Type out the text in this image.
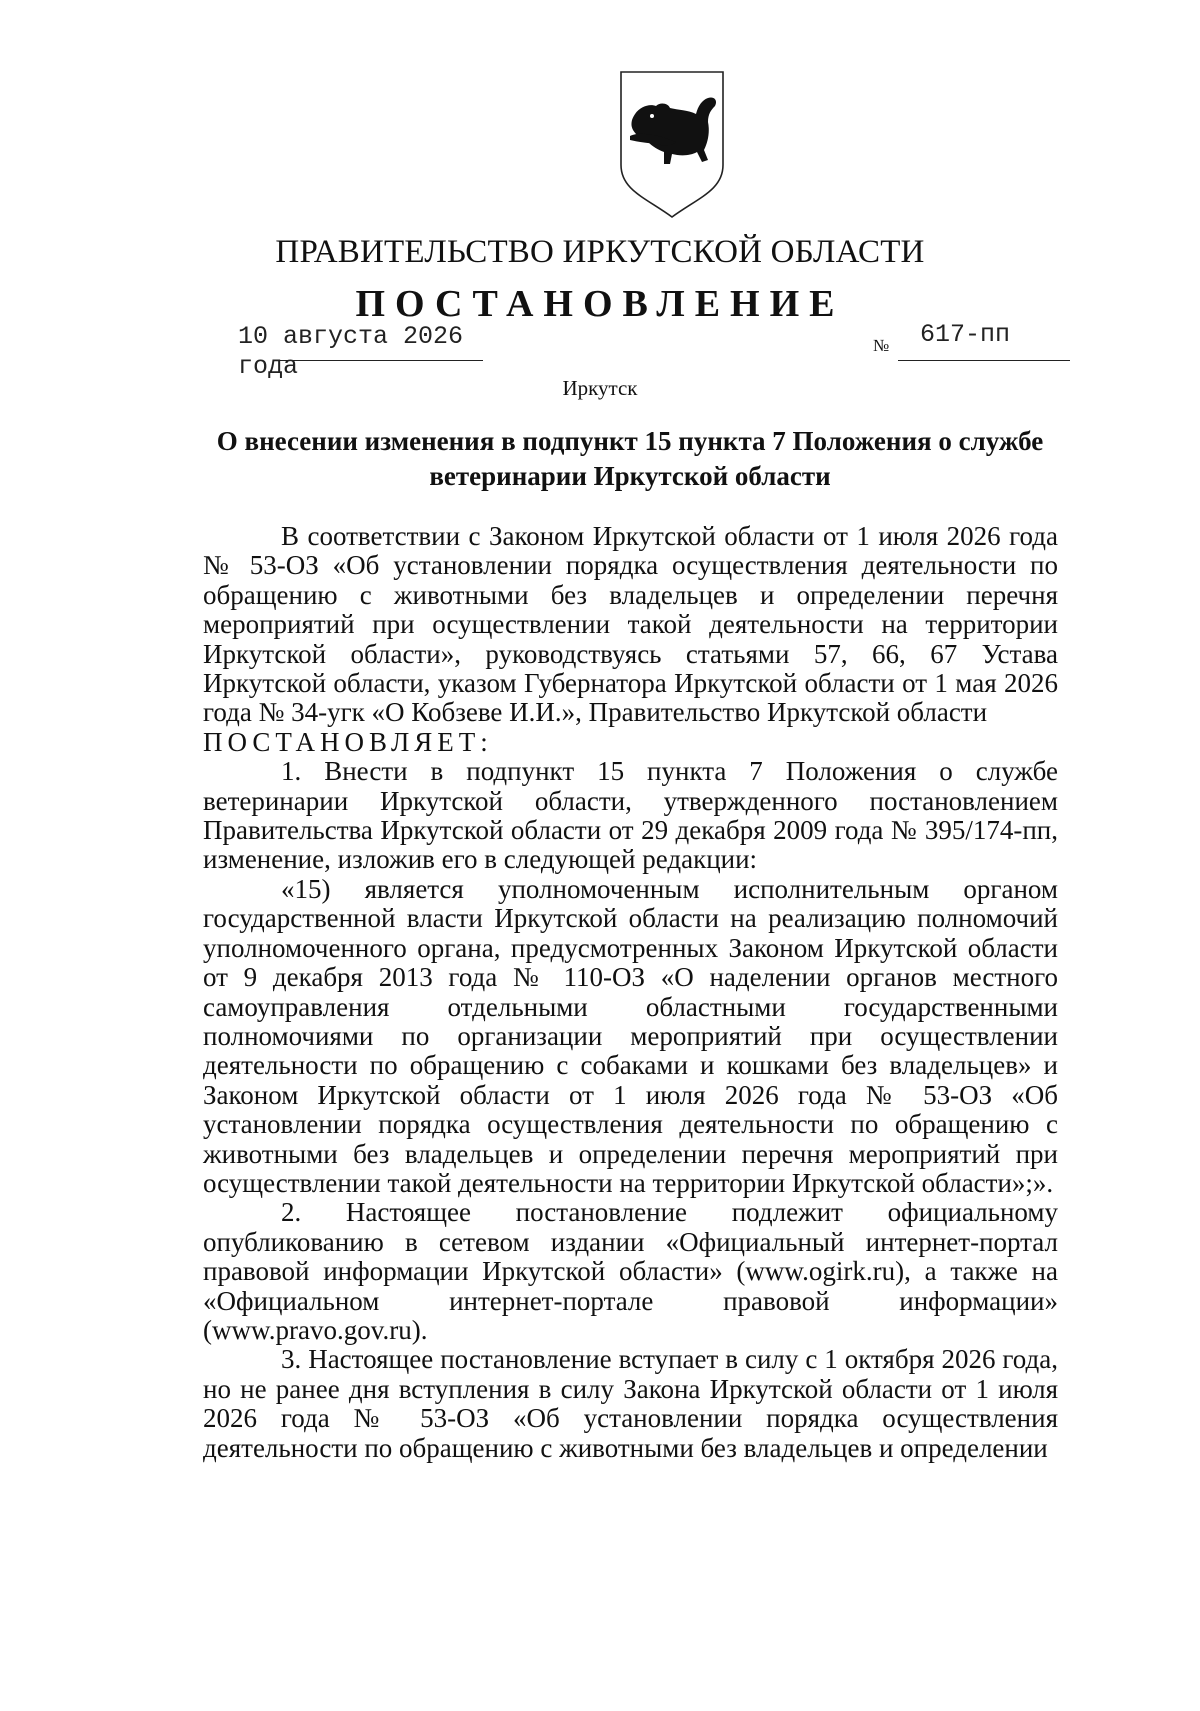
ПРАВИТЕЛЬСТВО ИРКУТСКОЙ ОБЛАСТИ
ПОСТАНОВЛЕНИЕ
10 августа 2026 года
№ 617-пп
Иркутск
О внесении изменения в подпункт 15 пункта 7 Положения о службе ветеринарии Иркутской области

В соответствии с Законом Иркутской области от 1 июля 2026 года № 53-ОЗ «Об установлении порядка осуществления деятельности по обращению с животными без владельцев и определении перечня мероприятий при осуществлении такой деятельности на территории Иркутской области», руководствуясь статьями 57, 66, 67 Устава Иркутской области, указом Губернатора Иркутской области от 1 мая 2026 года № 34-угк «О Кобзеве И.И.», Правительство Иркутской области

ПОСТАНОВЛЯЕТ:

1. Внести в подпункт 15 пункта 7 Положения о службе ветеринарии Иркутской области, утвержденного постановлением Правительства Иркутской области от 29 декабря 2009 года № 395/174-пп, изменение, изложив его в следующей редакции:

«15) является уполномоченным исполнительным органом государственной власти Иркутской области на реализацию полномочий уполномоченного органа, предусмотренных Законом Иркутской области от 9 декабря 2013 года № 110-ОЗ «О наделении органов местного самоуправления отдельными областными государственными полномочиями по организации мероприятий при осуществлении деятельности по обращению с собаками и кошками без владельцев» и Законом Иркутской области от 1 июля 2026 года № 53-ОЗ «Об установлении порядка осуществления деятельности по обращению с животными без владельцев и определении перечня мероприятий при осуществлении такой деятельности на территории Иркутской области»;».

2. Настоящее постановление подлежит официальному опубликованию в сетевом издании «Официальный интернет-портал правовой информации Иркутской области» (www.ogirk.ru), а также на «Официальном интернет-портале правовой информации» (www.pravo.gov.ru).

3. Настоящее постановление вступает в силу с 1 октября 2026 года, но не ранее дня вступления в силу Закона Иркутской области от 1 июля 2026 года № 53-ОЗ «Об установлении порядка осуществления деятельности по обращению с животными без владельцев и определении
